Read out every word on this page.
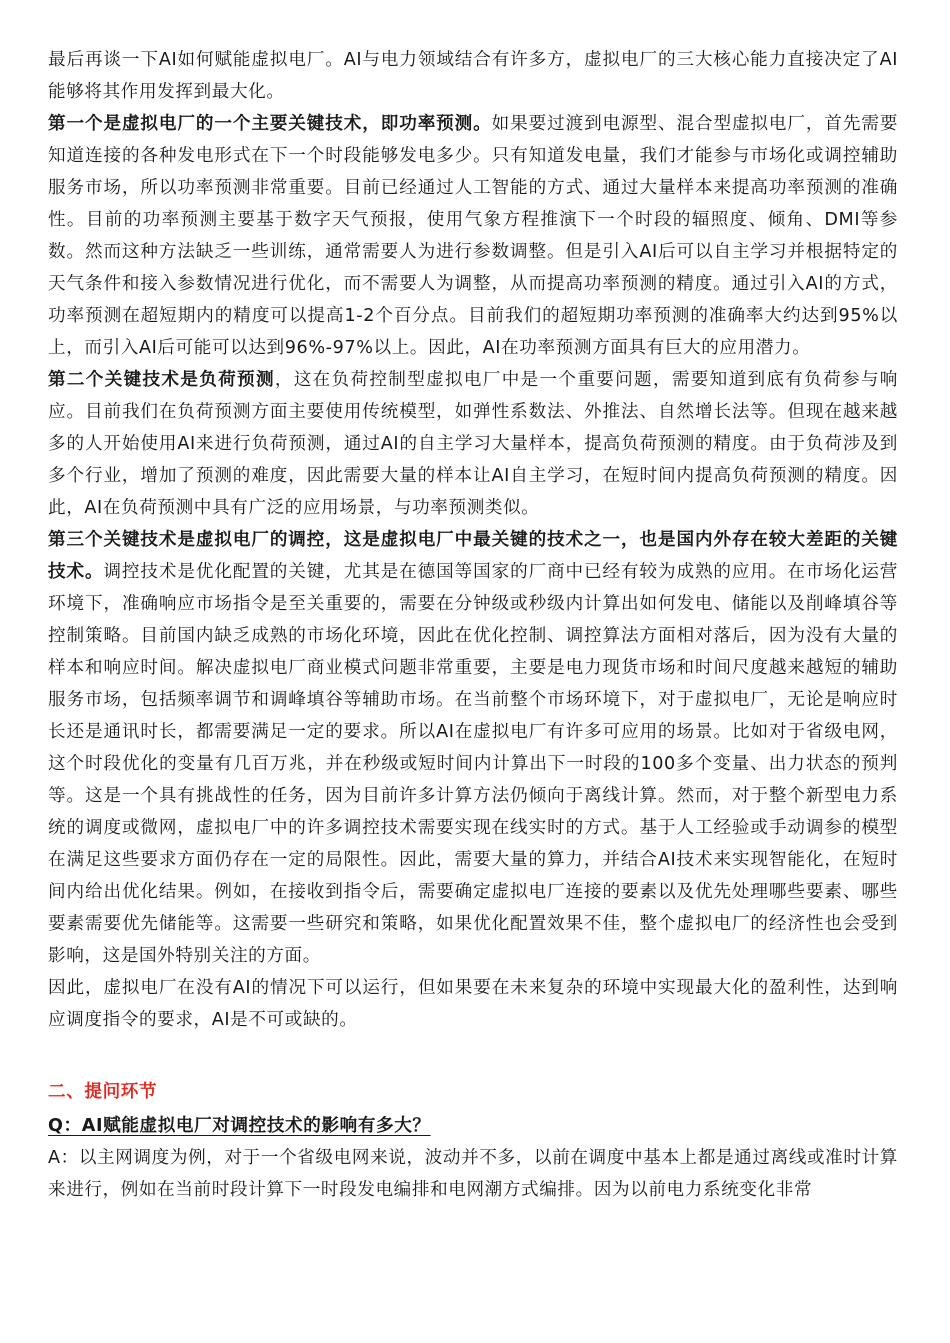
最后再谈一下AI如何赋能虚拟电厂。AI与电力领域结合有许多方，虚拟电厂的三大核心能力直接决定了AI能够将其作用发挥到最大化。

第一个是虚拟电厂的一个主要关键技术，即功率预测。如果要过渡到电源型、混合型虚拟电厂，首先需要知道连接的各种发电形式在下一个时段能够发电多少。只有知道发电量，我们才能参与市场化或调控辅助服务市场，所以功率预测非常重要。目前已经通过人工智能的方式、通过大量样本来提高功率预测的准确性。目前的功率预测主要基于数字天气预报，使用气象方程推演下一个时段的辐照度、倾角、DMI等参数。然而这种方法缺乏一些训练，通常需要人为进行参数调整。但是引入AI后可以自主学习并根据特定的天气条件和接入参数情况进行优化，而不需要人为调整，从而提高功率预测的精度。通过引入AI的方式，功率预测在超短期内的精度可以提高1-2个百分点。目前我们的超短期功率预测的准确率大约达到95%以上，而引入AI后可能可以达到96%-97%以上。因此，AI在功率预测方面具有巨大的应用潜力。

第二个关键技术是负荷预测，这在负荷控制型虚拟电厂中是一个重要问题，需要知道到底有负荷参与响应。目前我们在负荷预测方面主要使用传统模型，如弹性系数法、外推法、自然增长法等。但现在越来越多的人开始使用AI来进行负荷预测，通过AI的自主学习大量样本，提高负荷预测的精度。由于负荷涉及到多个行业，增加了预测的难度，因此需要大量的样本让AI自主学习，在短时间内提高负荷预测的精度。因此，AI在负荷预测中具有广泛的应用场景，与功率预测类似。

第三个关键技术是虚拟电厂的调控，这是虚拟电厂中最关键的技术之一，也是国内外存在较大差距的关键技术。调控技术是优化配置的关键，尤其是在德国等国家的厂商中已经有较为成熟的应用。在市场化运营环境下，准确响应市场指令是至关重要的，需要在分钟级或秒级内计算出如何发电、储能以及削峰填谷等控制策略。目前国内缺乏成熟的市场化环境，因此在优化控制、调控算法方面相对落后，因为没有大量的样本和响应时间。解决虚拟电厂商业模式问题非常重要，主要是电力现货市场和时间尺度越来越短的辅助服务市场，包括频率调节和调峰填谷等辅助市场。在当前整个市场环境下，对于虚拟电厂，无论是响应时长还是通讯时长，都需要满足一定的要求。所以AI在虚拟电厂有许多可应用的场景。比如对于省级电网，这个时段优化的变量有几百万兆，并在秒级或短时间内计算出下一时段的100多个变量、出力状态的预判等。这是一个具有挑战性的任务，因为目前许多计算方法仍倾向于离线计算。然而，对于整个新型电力系统的调度或微网，虚拟电厂中的许多调控技术需要实现在线实时的方式。基于人工经验或手动调参的模型在满足这些要求方面仍存在一定的局限性。因此，需要大量的算力，并结合AI技术来实现智能化，在短时间内给出优化结果。例如，在接收到指令后，需要确定虚拟电厂连接的要素以及优先处理哪些要素、哪些要素需要优先储能等。这需要一些研究和策略，如果优化配置效果不佳，整个虚拟电厂的经济性也会受到影响，这是国外特别关注的方面。

因此，虚拟电厂在没有AI的情况下可以运行，但如果要在未来复杂的环境中实现最大化的盈利性，达到响应调度指令的要求，AI是不可或缺的。

二、提问环节

Q：AI赋能虚拟电厂对调控技术的影响有多大？

A：以主网调度为例，对于一个省级电网来说，波动并不多，以前在调度中基本上都是通过离线或准时计算来进行，例如在当前时段计算下一时段发电编排和电网潮方式编排。因为以前电力系统变化非常
